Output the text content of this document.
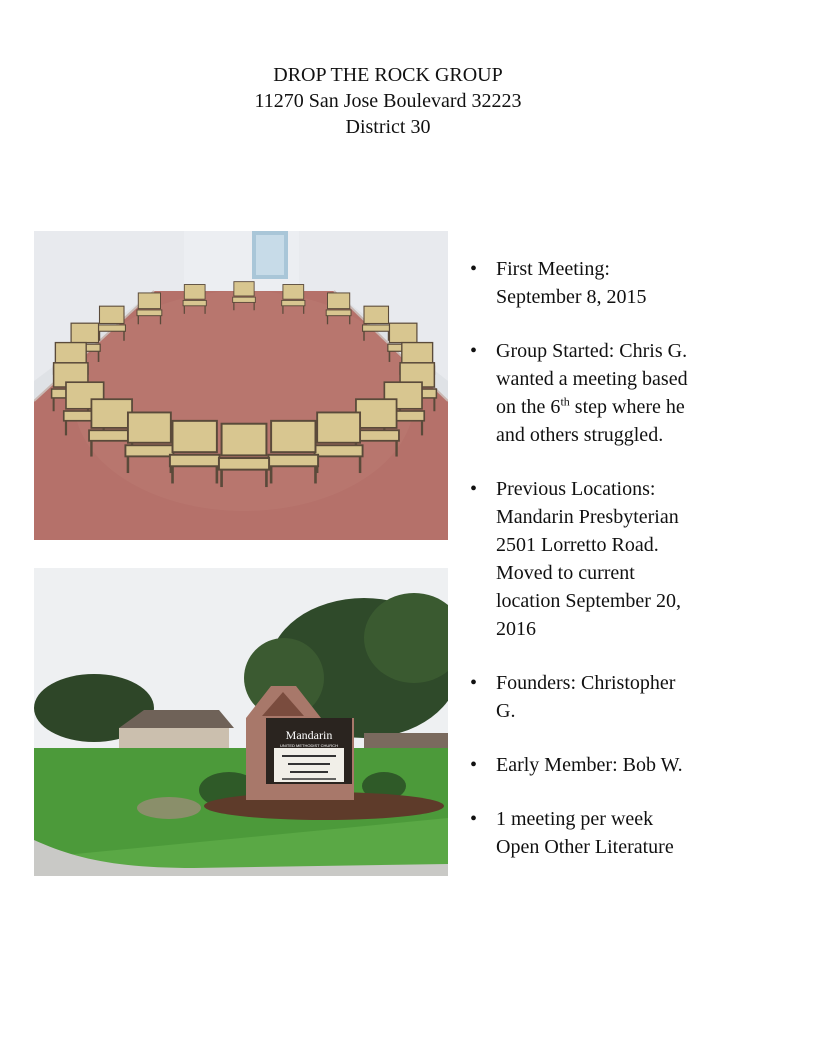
DROP THE ROCK GROUP
11270 San Jose Boulevard 32223
District 30
Mandarin
UNITED METHODIST CHURCH
• First Meeting:
September 8, 2015
• Group Started: Chris G.
wanted a meeting based
on the 6th step where he
and others struggled.
• Previous Locations:
Mandarin Presbyterian
2501 Lorretto Road.
Moved to current
location September 20,
2016
• Founders: Christopher
G.
• Early Member: Bob W.
• 1 meeting per week
Open Other Literature
